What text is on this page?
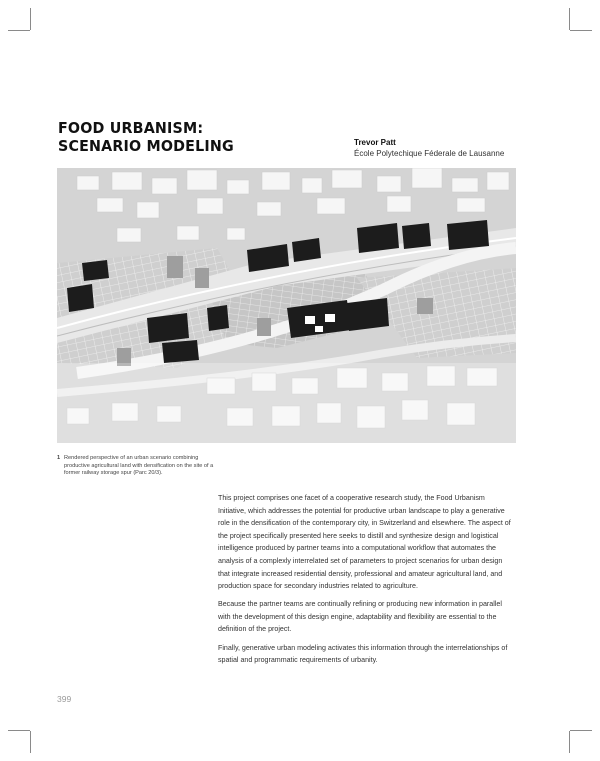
FOOD URBANISM:
SCENARIO MODELING	Trevor Patt
École Polytechique Féderale de Lausanne
1 Rendered perspective of an urban scenario combining productive agricultural land with densification on the site of a former railway storage spur (Parc 20/3).

This project comprises one facet of a cooperative research study, the Food Urbanism Initiative, which addresses the potential for productive urban landscape to play a generative role in the densification of the contemporary city, in Switzerland and elsewhere. The aspect of the project specifically presented here seeks to distill and synthesize design and logistical intelligence produced by partner teams into a computational workflow that automates the analysis of a complexly interrelated set of parameters to project scenarios for urban design that integrate increased residential density, professional and amateur agricultural land, and production space for secondary industries related to agriculture.

Because the partner teams are continually refining or producing new information in parallel with the development of this design engine, adaptability and flexibility are essential to the definition of the project.

Finally, generative urban modeling activates this information through the interrelationships of spatial and programmatic requirements of urbanity.

399
